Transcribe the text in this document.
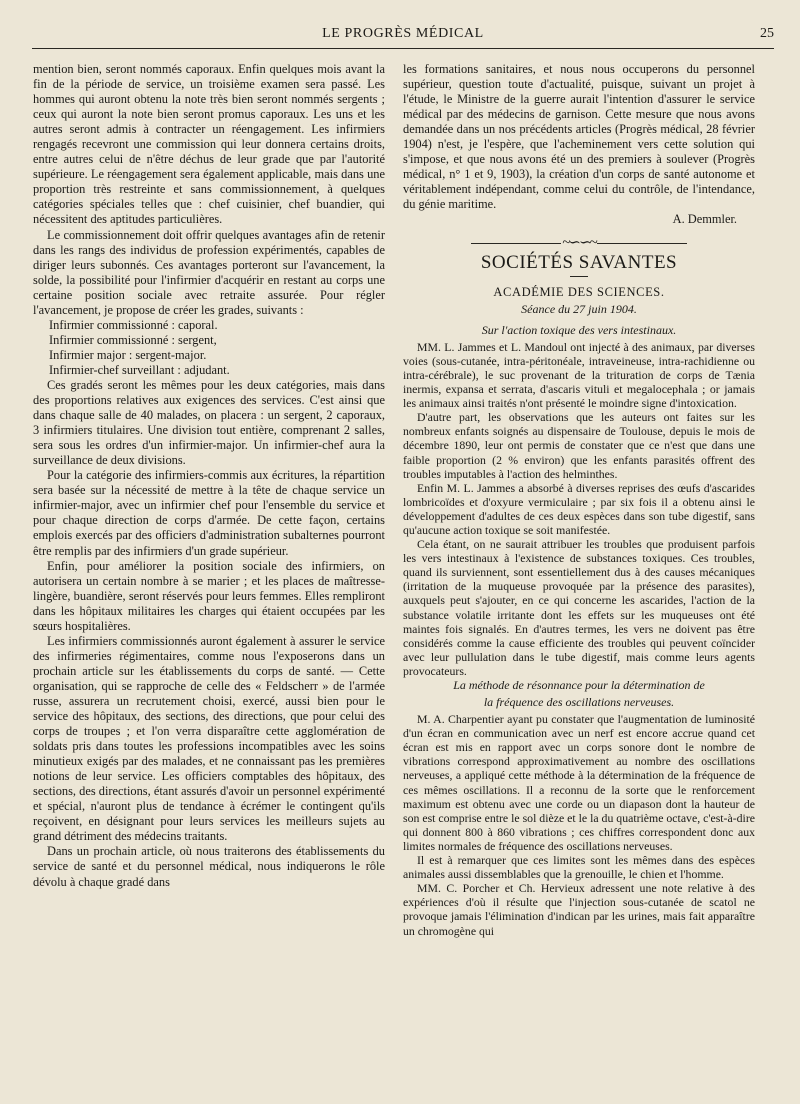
LE PROGRÈS MÉDICAL	25

mention bien, seront nommés caporaux. Enfin quelques mois avant la fin de la période de service, un troisième examen sera passé. Les hommes qui auront obtenu la note très bien seront nommés sergents ; ceux qui auront la note bien seront promus caporaux. Les uns et les autres seront admis à contracter un réengagement. Les infirmiers rengagés recevront une commission qui leur donnera certains droits, entre autres celui de n'être déchus de leur grade que par l'autorité supérieure. Le réengagement sera également applicable, mais dans une proportion très restreinte et sans commissionnement, à quelques catégories spéciales telles que : chef cuisinier, chef buandier, qui nécessitent des aptitudes particulières.

Le commissionnement doit offrir quelques avantages afin de retenir dans les rangs des individus de profession expérimentés, capables de diriger leurs subonnés. Ces avantages porteront sur l'avancement, la solde, la possibilité pour l'infirmier d'acquérir en restant au corps une certaine position sociale avec retraite assurée. Pour régler l'avancement, je propose de créer les grades, suivants :

Infirmier commissionné : caporal.

Infirmier commissionné : sergent,

Infirmier major : sergent-major.

Infirmier-chef surveillant : adjudant.

Ces gradés seront les mêmes pour les deux catégories, mais dans des proportions relatives aux exigences des services. C'est ainsi que dans chaque salle de 40 malades, on placera : un sergent, 2 caporaux, 3 infirmiers titulaires. Une division tout entière, comprenant 2 salles, sera sous les ordres d'un infirmier-major. Un infirmier-chef aura la surveillance de deux divisions.

Pour la catégorie des infirmiers-commis aux écritures, la répartition sera basée sur la nécessité de mettre à la tête de chaque service un infirmier-major, avec un infirmier chef pour l'ensemble du service et pour chaque direction de corps d'armée. De cette façon, certains emplois exercés par des officiers d'administration subalternes pourront être remplis par des infirmiers d'un grade supérieur.

Enfin, pour améliorer la position sociale des infirmiers, on autorisera un certain nombre à se marier ; et les places de maîtresse-lingère, buandière, seront réservés pour leurs femmes. Elles rempliront dans les hôpitaux militaires les charges qui étaient occupées par les sœurs hospitalières.

Les infirmiers commissionnés auront également à assurer le service des infirmeries régimentaires, comme nous l'exposerons dans un prochain article sur les établissements du corps de santé. — Cette organisation, qui se rapproche de celle des « Feldscherr » de l'armée russe, assurera un recrutement choisi, exercé, aussi bien pour le service des hôpitaux, des sections, des directions, que pour celui des corps de troupes ; et l'on verra disparaître cette agglomération de soldats pris dans toutes les professions incompatibles avec les soins minutieux exigés par des malades, et ne connaissant pas les premières notions de leur service. Les officiers comptables des hôpitaux, des sections, des directions, étant assurés d'avoir un personnel expérimenté et spécial, n'auront plus de tendance à écrémer le contingent qu'ils reçoivent, en désignant pour leurs services les meilleurs sujets au grand détriment des médecins traitants.

Dans un prochain article, où nous traiterons des établissements du service de santé et du personnel médical, nous indiquerons le rôle dévolu à chaque gradé dans

les formations sanitaires, et nous nous occuperons du personnel supérieur, question toute d'actualité, puisque, suivant un projet à l'étude, le Ministre de la guerre aurait l'intention d'assurer le service médical par des médecins de garnison. Cette mesure que nous avons demandée dans un nos précédents articles (Progrès médical, 28 février 1904) n'est, je l'espère, que l'acheminement vers cette solution qui s'impose, et que nous avons été un des premiers à soulever (Progrès médical, n° 1 et 9, 1903), la création d'un corps de santé autonome et véritablement indépendant, comme celui du contrôle, de l'intendance, du génie maritime.

A. Demmler.

~∽∽~
SOCIÉTÉS SAVANTES
ACADÉMIE DES SCIENCES.
Séance du 27 juin 1904.
Sur l'action toxique des vers intestinaux.

MM. L. Jammes et L. Mandoul ont injecté à des animaux, par diverses voies (sous-cutanée, intra-péritonéale, intraveineuse, intra-rachidienne ou intra-cérébrale), le suc provenant de la trituration de corps de Tænia inermis, expansa et serrata, d'ascaris vituli et megalocephala ; or jamais les animaux ainsi traités n'ont présenté le moindre signe d'intoxication.

D'autre part, les observations que les auteurs ont faites sur les nombreux enfants soignés au dispensaire de Toulouse, depuis le mois de décembre 1890, leur ont permis de constater que ce n'est que dans une faible proportion (2 % environ) que les enfants parasités offrent des troubles imputables à l'action des helminthes.

Enfin M. L. Jammes a absorbé à diverses reprises des œufs d'ascarides lombricoïdes et d'oxyure vermiculaire ; par six fois il a obtenu ainsi le développement d'adultes de ces deux espèces dans son tube digestif, sans qu'aucune action toxique se soit manifestée.

Cela étant, on ne saurait attribuer les troubles que produisent parfois les vers intestinaux à l'existence de substances toxiques. Ces troubles, quand ils surviennent, sont essentiellement dus à des causes mécaniques (irritation de la muqueuse provoquée par la présence des parasites), auxquels peut s'ajouter, en ce qui concerne les ascarides, l'action de la substance volatile irritante dont les effets sur les muqueuses ont été maintes fois signalés. En d'autres termes, les vers ne doivent pas être considérés comme la cause efficiente des troubles qui peuvent coïncider avec leur pullulation dans le tube digestif, mais comme leurs agents provocateurs.

La méthode de résonnance pour la détermination de
la fréquence des oscillations nerveuses.

M. A. Charpentier ayant pu constater que l'augmentation de luminosité d'un écran en communication avec un nerf est encore accrue quand cet écran est mis en rapport avec un corps sonore dont le nombre de vibrations correspond approximativement au nombre des oscillations nerveuses, a appliqué cette méthode à la détermination de la fréquence de ces mêmes oscillations. Il a reconnu de la sorte que le renforcement maximum est obtenu avec une corde ou un diapason dont la hauteur de son est comprise entre le sol dièze et le la du quatrième octave, c'est-à-dire qui donnent 800 à 860 vibrations ; ces chiffres correspondent donc aux limites normales de fréquence des oscillations nerveuses.

Il est à remarquer que ces limites sont les mêmes dans des espèces animales aussi dissemblables que la grenouille, le chien et l'homme.

MM. C. Porcher et Ch. Hervieux adressent une note relative à des expériences d'où il résulte que l'injection sous-cutanée de scatol ne provoque jamais l'élimination d'indican par les urines, mais fait apparaître un chromogène qui
